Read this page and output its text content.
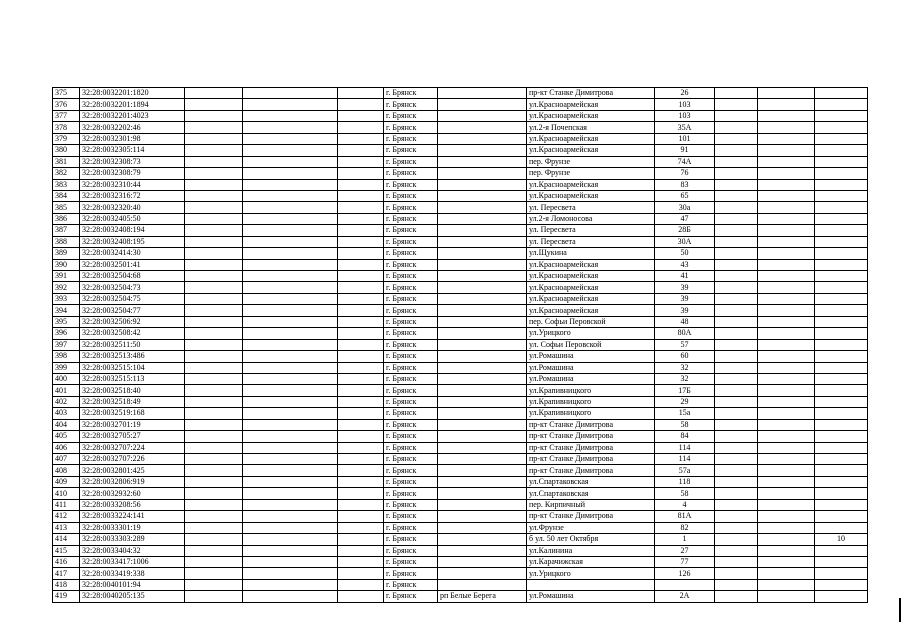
375	32:28:0032201:1820				г. Брянск		пр-кт Станке Димитрова	26			
376	32:28:0032201:1894				г. Брянск		ул.Красноармейская	103			
377	32:28:0032201:4023				г. Брянск		ул.Красноармейская	103			
378	32:28:0032202:46				г. Брянск		ул.2-я Почепская	35А			
379	32:28:0032301:98				г. Брянск		ул.Красноармейская	101			
380	32:28:0032305:114				г. Брянск		ул.Красноармейская	91			
381	32:28:0032308:73				г. Брянск		пер. Фрунзе	74А			
382	32:28:0032308:79				г. Брянск		пер. Фрунзе	76			
383	32:28:0032310:44				г. Брянск		ул.Красноармейская	83			
384	32:28:0032316:72				г. Брянск		ул.Красноармейская	65			
385	32:28:0032320:40				г. Брянск		ул. Пересвета	30а			
386	32:28:0032405:50				г. Брянск		ул.2-я Ломоносова	47			
387	32:28:0032408:194				г. Брянск		ул. Пересвета	28Б			
388	32:28:0032408:195				г. Брянск		ул. Пересвета	30А			
389	32:28:0032414:30				г. Брянск		ул.Щукина	50			
390	32:28:0032501:41				г. Брянск		ул.Красноармейская	43			
391	32:28:0032504:68				г. Брянск		ул.Красноармейская	41			
392	32:28:0032504:73				г. Брянск		ул.Красноармейская	39			
393	32:28:0032504:75				г. Брянск		ул.Красноармейская	39			
394	32:28:0032504:77				г. Брянск		ул.Красноармейская	39			
395	32:28:0032506:92				г. Брянск		пер. Софьи Перовской	48			
396	32:28:0032508:42				г. Брянск		ул.Урицкого	80А			
397	32:28:0032511:50				г. Брянск		ул. Софьи Перовской	57			
398	32:28:0032513:486				г. Брянск		ул.Ромашина	60			
399	32:28:0032515:104				г. Брянск		ул.Ромашина	32			
400	32:28:0032515:113				г. Брянск		ул.Ромашина	32			
401	32:28:0032518:40				г. Брянск		ул.Крапивницкого	17Б			
402	32:28:0032518:49				г. Брянск		ул.Крапивницкого	29			
403	32:28:0032519:168				г. Брянск		ул.Крапивницкого	15а			
404	32:28:0032701:19				г. Брянск		пр-кт Станке Димитрова	58			
405	32:28:0032705:27				г. Брянск		пр-кт Станке Димитрова	84			
406	32:28:0032707:224				г. Брянск		пр-кт Станке Димитрова	114			
407	32:28:0032707:226				г. Брянск		пр-кт Станке Димитрова	114			
408	32:28:0032801:425				г. Брянск		пр-кт Станке Димитрова	57а			
409	32:28:0032806:919				г. Брянск		ул.Спартаковская	118			
410	32:28:0032932:60				г. Брянск		ул.Спартаковская	58			
411	32:28:0033208:56				г. Брянск		пер. Кирпичный	4			
412	32:28:0033224:141				г. Брянск		пр-кт Станке Димитрова	81А			
413	32:28:0033301:19				г. Брянск		ул.Фрунзе	82			
414	32:28:0033303:289				г. Брянск		б ул. 50 лет Октября	1			10
415	32:28:0033404:32				г. Брянск		ул.Калинина	27			
416	32:28:0033417:1006				г. Брянск		ул.Карачижская	77			
417	32:28:0033419:338				г. Брянск		ул.Урицкого	126			
418	32:28:0040101:94				г. Брянск						
419	32:28:0040205:135				г. Брянск	рп Белые Берега	ул.Ромашина	2А			
